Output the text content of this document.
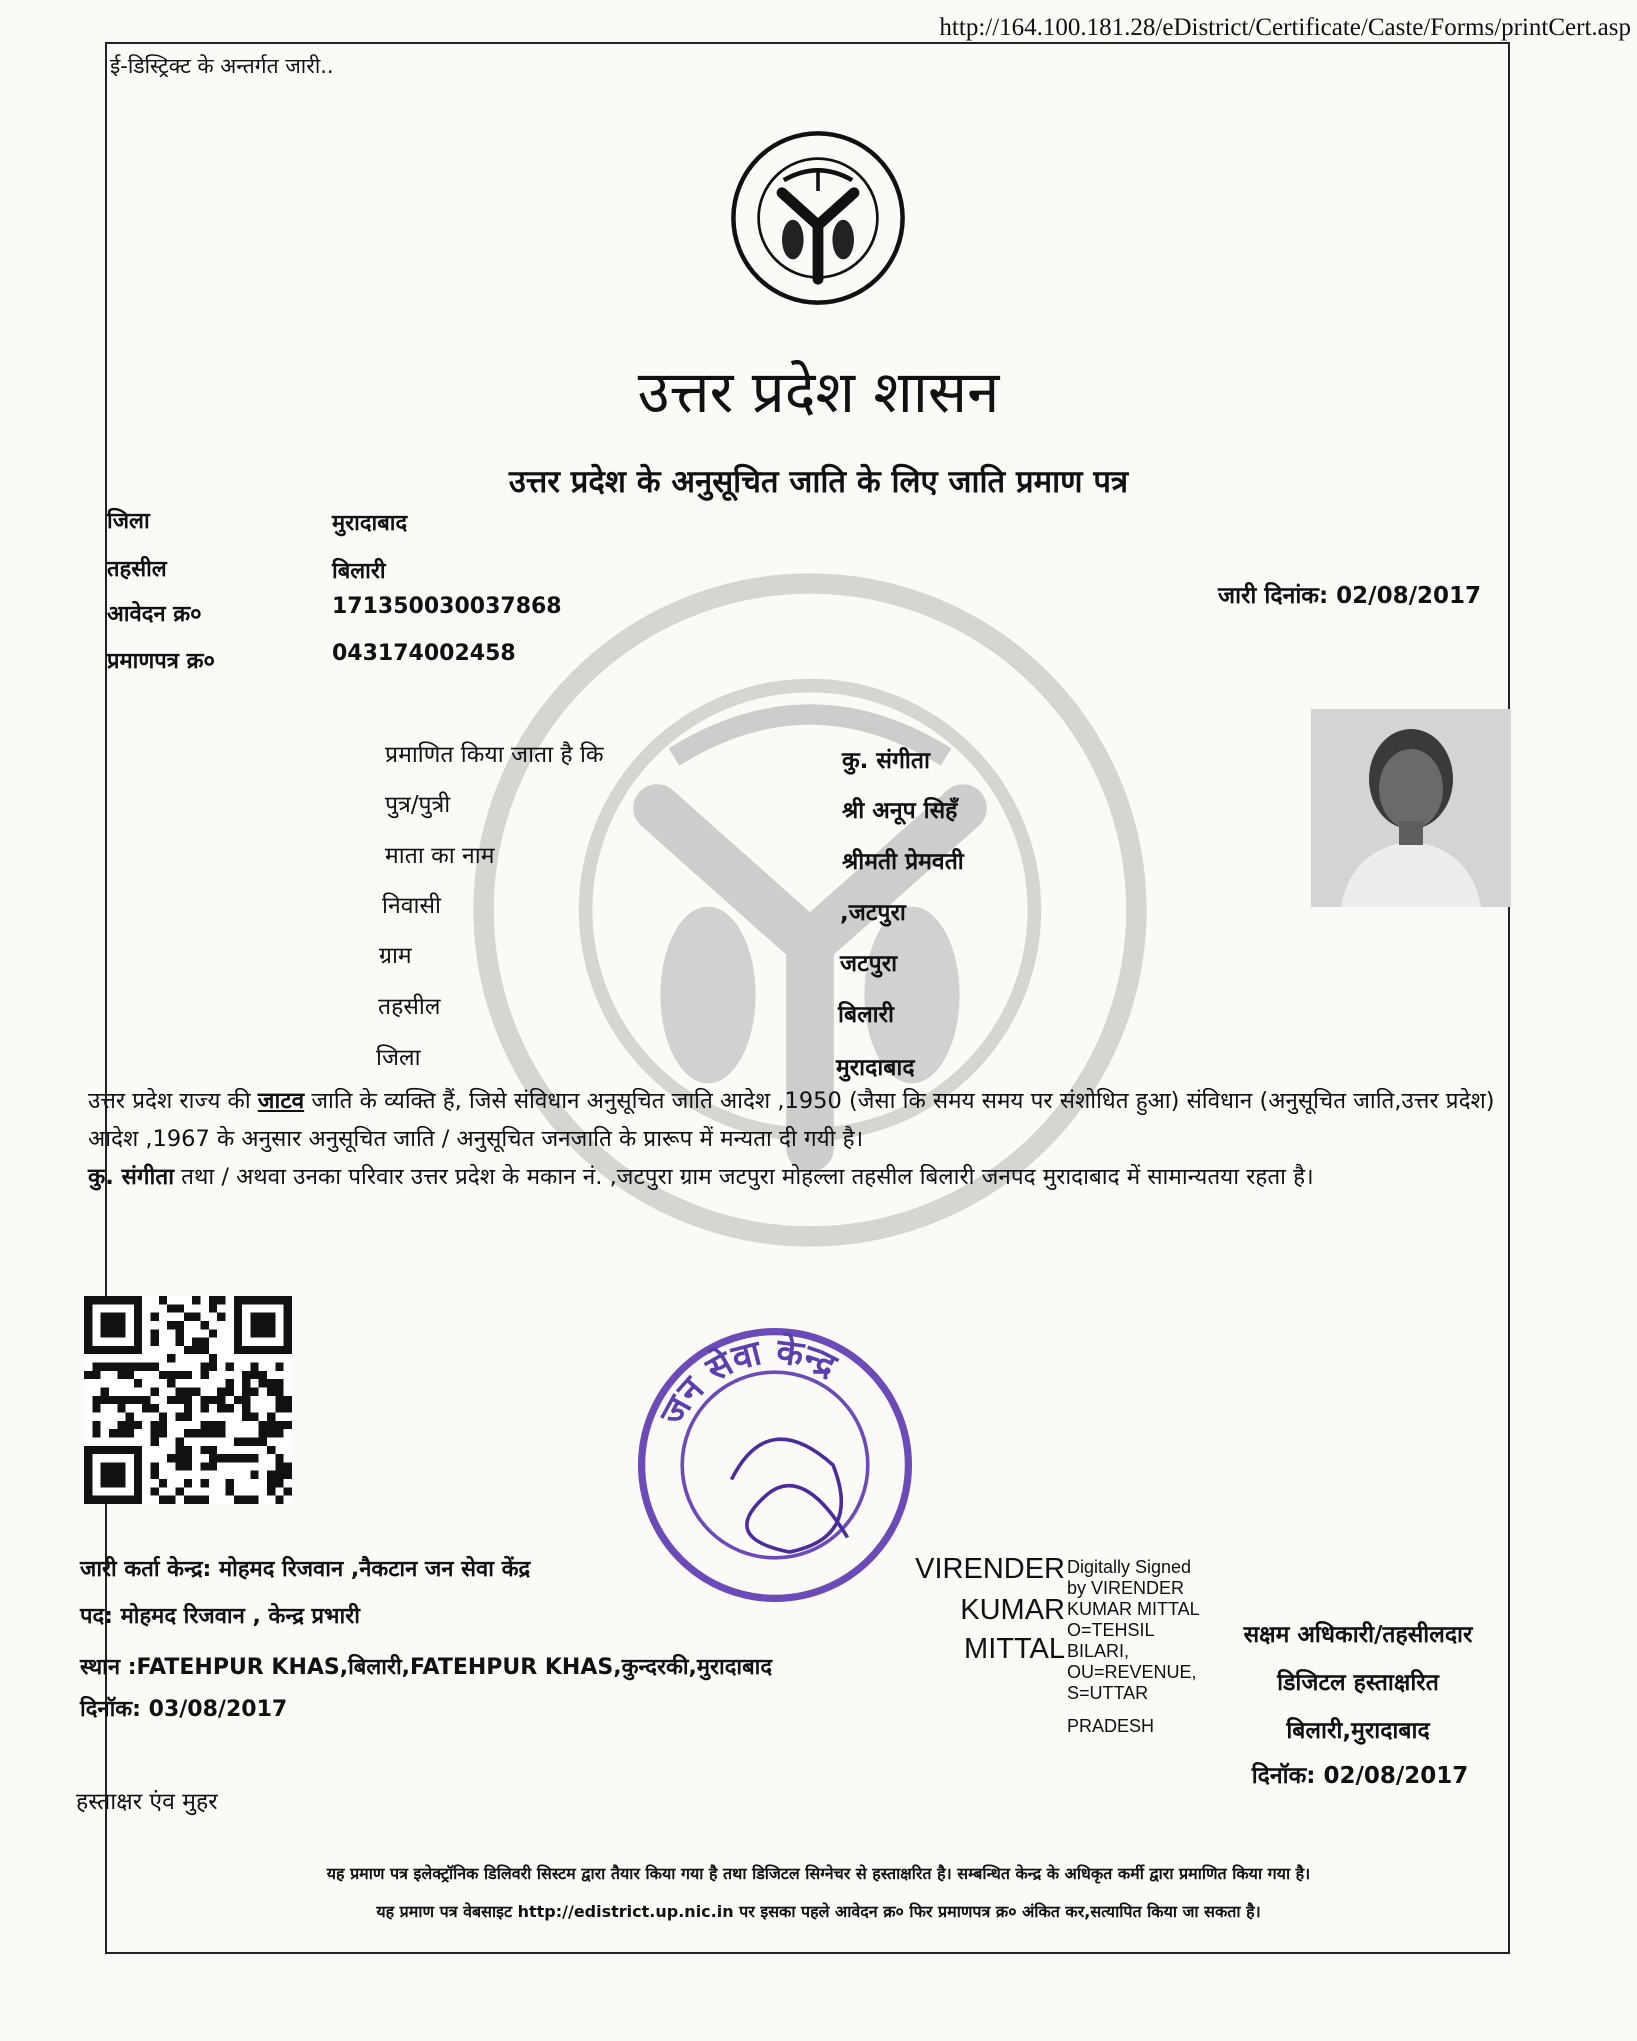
http://164.100.181.28/eDistrict/Certificate/Caste/Forms/printCert.asp
ई-डिस्ट्रिक्ट के अन्तर्गत जारी..
उत्तर प्रदेश शासन
उत्तर प्रदेश के अनुसूचित जाति के लिए जाति प्रमाण पत्र
जिला	मुरादाबाद
तहसील	बिलारी
आवेदन क्र०	171350030037868
प्रमाणपत्र क्र०	043174002458
जारी दिनांक: 02/08/2017
प्रमाणित किया जाता है कि	कु. संगीता
पुत्र/पुत्री	श्री अनूप सिहँ
माता का नाम	श्रीमती प्रेमवती
निवासी	,जटपुरा
ग्राम	जटपुरा
तहसील	बिलारी
जिला	मुरादाबाद
उत्तर प्रदेश राज्य की जाटव जाति के व्यक्ति हैं, जिसे संविधान अनुसूचित जाति आदेश ,1950 (जैसा कि समय समय पर संशोधित हुआ) संविधान (अनुसूचित जाति,उत्तर प्रदेश) आदेश ,1967 के अनुसार अनुसूचित जाति / अनुसूचित जनजाति के प्रारूप में मन्यता दी गयी है।
कु. संगीता तथा / अथवा उनका परिवार उत्तर प्रदेश के मकान नं. ,जटपुरा ग्राम जटपुरा मोहल्ला तहसील बिलारी जनपद मुरादाबाद में सामान्यतया रहता है।
जन सेवा केन्द्र
जारी कर्ता केन्द्र: मोहमद रिजवान ,नैकटान जन सेवा केंद्र
पद: मोहमद रिजवान , केन्द्र प्रभारी
स्थान :FATEHPUR KHAS,बिलारी,FATEHPUR KHAS,कुन्दरकी,मुरादाबाद
दिनॉक: 03/08/2017
हस्ताक्षर एंव मुहर
VIRENDER
KUMAR
MITTAL
Digitally Signed
by VIRENDER
KUMAR MITTAL
O=TEHSIL
BILARI,
OU=REVENUE,
S=UTTAR
PRADESH
सक्षम अधिकारी/तहसीलदार
डिजिटल हस्ताक्षरित
बिलारी,मुरादाबाद
दिनॉक: 02/08/2017
यह प्रमाण पत्र इलेक्ट्रॉनिक डिलिवरी सिस्टम द्वारा तैयार किया गया है तथा डिजिटल सिग्नेचर से हस्ताक्षरित है। सम्बन्धित केन्द्र के अधिकृत कर्मी द्वारा प्रमाणित किया गया है।
यह प्रमाण पत्र वेबसाइट http://edistrict.up.nic.in पर इसका पहले आवेदन क्र० फिर प्रमाणपत्र क्र० अंकित कर,सत्यापित किया जा सकता है।
